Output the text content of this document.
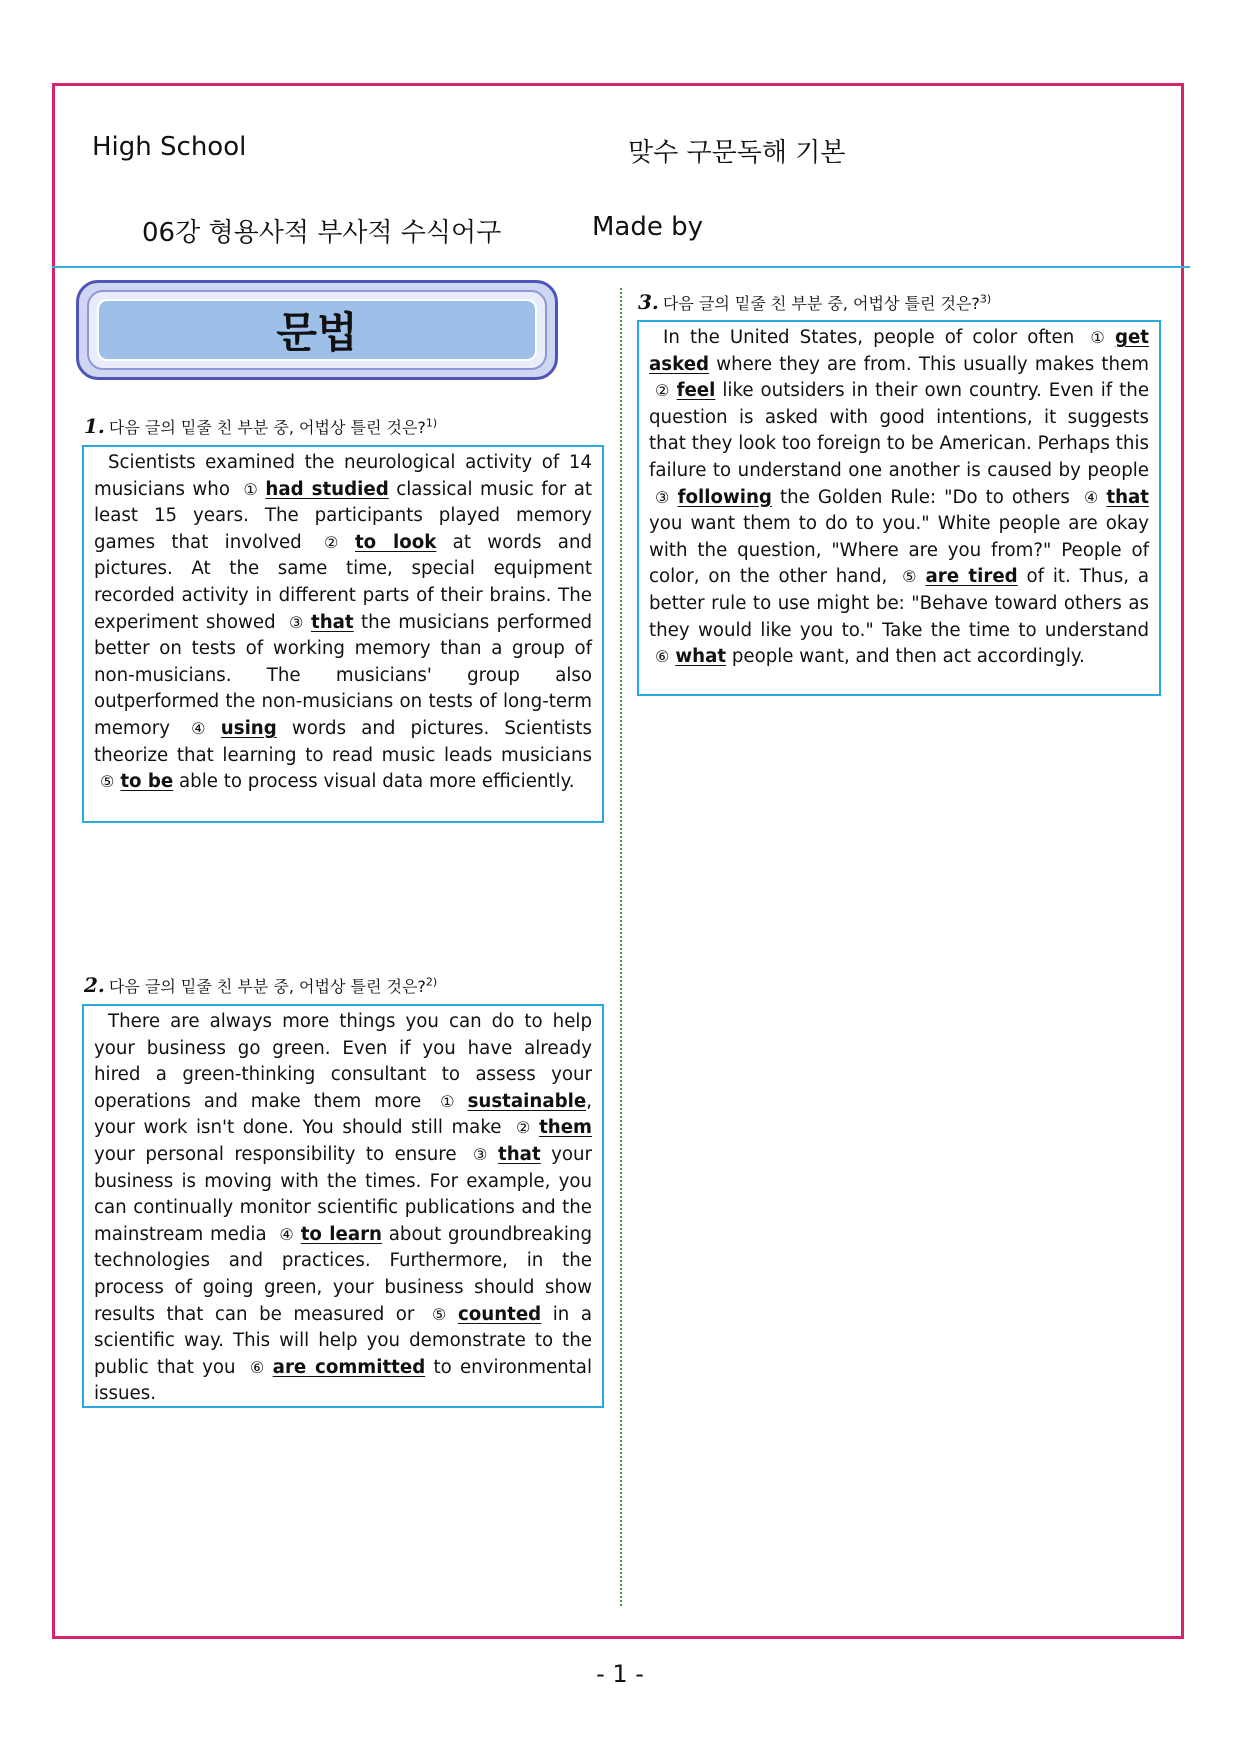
High School	맞수 구문독해 기본
06강 형용사적 부사적 수식어구	Made by
문법
1. 다음 글의 밑줄 친 부분 중, 어법상 틀린 것은?$^{1)}$

Scientists examined the neurological activity of 14 musicians who ① had studied classical music for at least 15 years. The participants played memory games that involved ② to look at words and pictures. At the same time, special equipment recorded activity in different parts of their brains. The experiment showed ③ that the musicians performed better on tests of working memory than a group of non-musicians. The musicians' group also outperformed the non-musicians on tests of long-term memory ④ using words and pictures. Scientists theorize that learning to read music leads musicians ⑤ to be able to process visual data more efficiently.

2. 다음 글의 밑줄 친 부분 중, 어법상 틀린 것은?$^{2)}$

There are always more things you can do to help your business go green. Even if you have already hired a green-thinking consultant to assess your operations and make them more ① sustainable, your work isn't done. You should still make ② them your personal responsibility to ensure ③ that your business is moving with the times. For example, you can continually monitor scientific publications and the mainstream media ④ to learn about groundbreaking technologies and practices. Furthermore, in the process of going green, your business should show results that can be measured or ⑤ counted in a scientific way. This will help you demonstrate to the public that you ⑥ are committed to environmental issues.

3. 다음 글의 밑줄 친 부분 중, 어법상 틀린 것은?$^{3)}$

In the United States, people of color often ① get asked where they are from. This usually makes them ② feel like outsiders in their own country. Even if the question is asked with good intentions, it suggests that they look too foreign to be American. Perhaps this failure to understand one another is caused by people ③ following the Golden Rule: "Do to others ④ that you want them to do to you." White people are okay with the question, "Where are you from?" People of color, on the other hand, ⑤ are tired of it. Thus, a better rule to use might be: "Behave toward others as they would like you to." Take the time to understand ⑥ what people want, and then act accordingly.

- 1 -
